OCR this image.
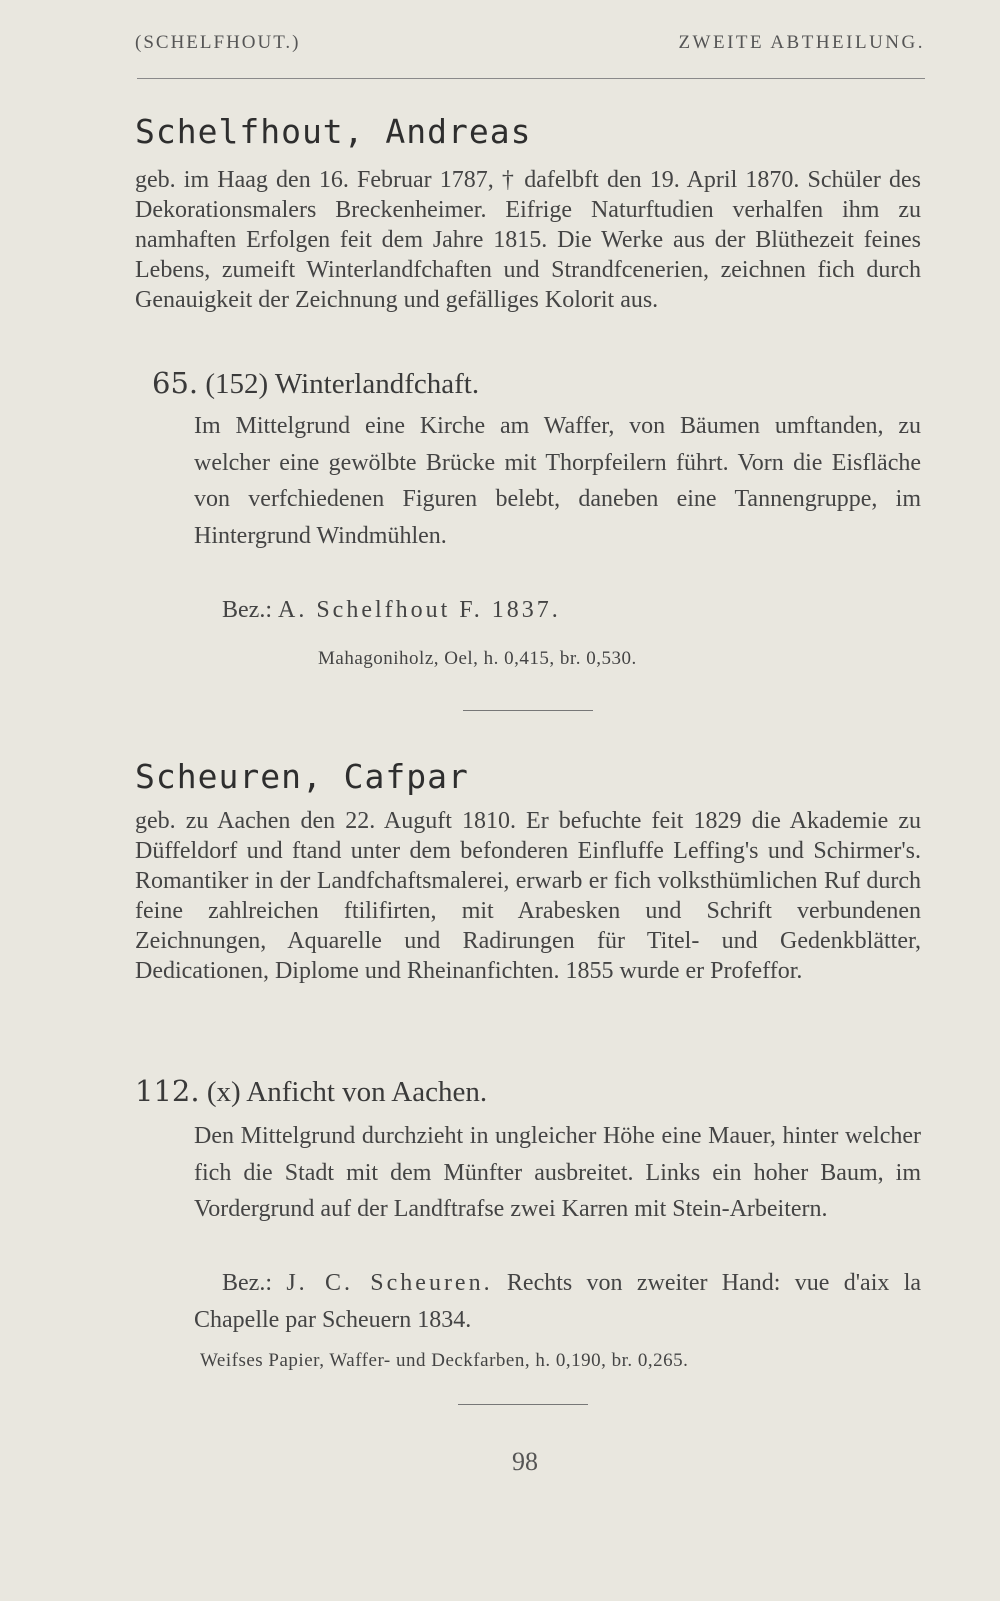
(SCHELFHOUT.)	ZWEITE ABTHEILUNG.
Schelfhout, Andreas
geb. im Haag den 16. Februar 1787, † dafelbft den 19. April 1870. Schüler des Dekorationsmalers Breckenheimer. Eifrige Naturftudien verhalfen ihm zu namhaften Erfolgen feit dem Jahre 1815. Die Werke aus der Blüthezeit feines Lebens, zumeift Winterlandfchaften und Strandfcenerien, zeichnen fich durch Genauigkeit der Zeichnung und gefälliges Kolorit aus.
65. (152) Winterlandfchaft.
Im Mittelgrund eine Kirche am Waffer, von Bäumen umftanden, zu welcher eine gewölbte Brücke mit Thorpfeilern führt. Vorn die Eisfläche von verfchiedenen Figuren belebt, daneben eine Tannengruppe, im Hintergrund Windmühlen.
Bez.: A. Schelfhout F. 1837.
Mahagoniholz, Oel, h. 0,415, br. 0,530.
Scheuren, Cafpar
geb. zu Aachen den 22. Auguft 1810. Er befuchte feit 1829 die Akademie zu Düffeldorf und ftand unter dem befonderen Einfluffe Leffing's und Schirmer's. Romantiker in der Landfchaftsmalerei, erwarb er fich volksthümlichen Ruf durch feine zahlreichen ftilifirten, mit Arabesken und Schrift verbundenen Zeichnungen, Aquarelle und Radirungen für Titel- und Gedenkblätter, Dedicationen, Diplome und Rheinanfichten. 1855 wurde er Profeffor.
112. (x) Anficht von Aachen.
Den Mittelgrund durchzieht in ungleicher Höhe eine Mauer, hinter welcher fich die Stadt mit dem Münfter ausbreitet. Links ein hoher Baum, im Vordergrund auf der Landftrafse zwei Karren mit Stein-Arbeitern.
Bez.: J. C. Scheuren. Rechts von zweiter Hand: vue d'aix la Chapelle par Scheuern 1834.
Weifses Papier, Waffer- und Deckfarben, h. 0,190, br. 0,265.
98
